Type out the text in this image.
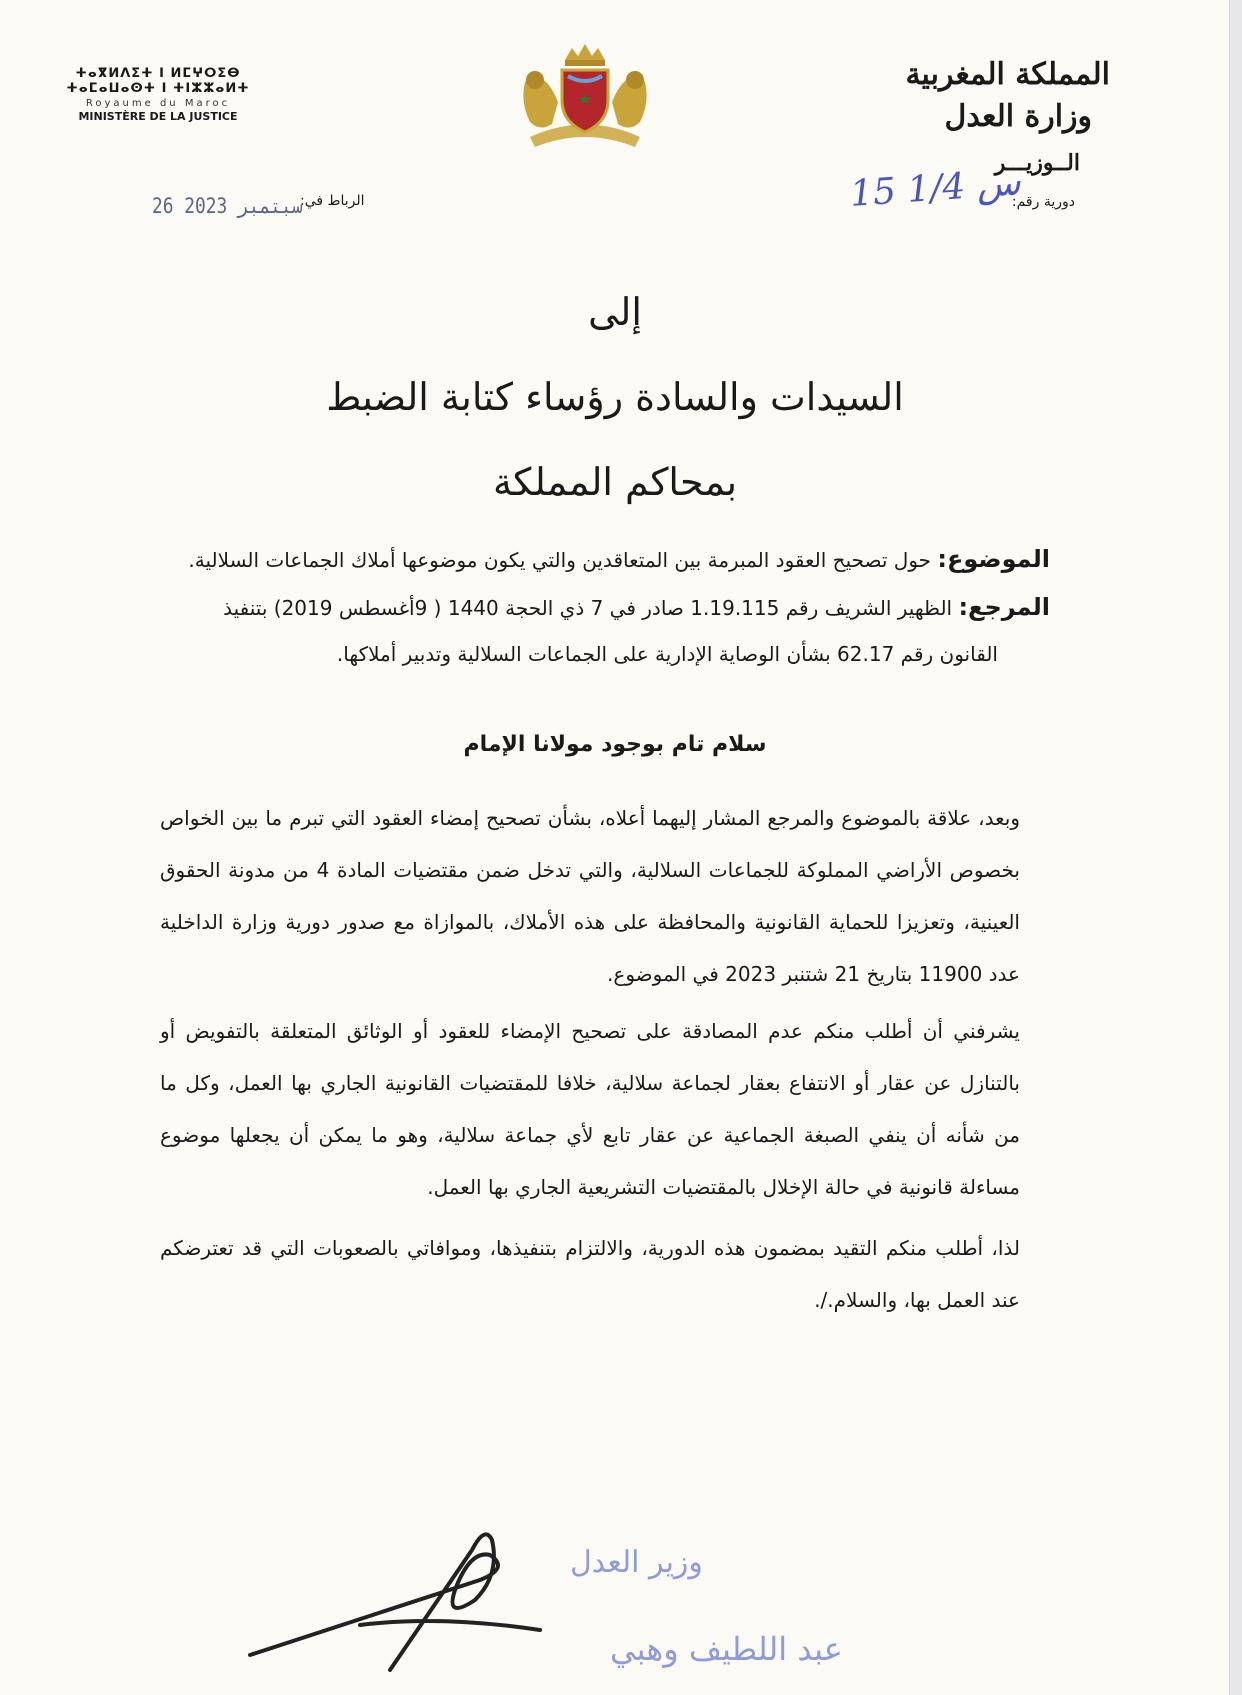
ⵜⴰⴳⵍⴷⵉⵜ ⵏ ⵍⵎⵖⵔⵉⴱ
ⵜⴰⵎⴰⵡⴰⵙⵜ ⵏ ⵜⵏⵣⵣⴰⵍⵜ
Royaume du Maroc
MINISTÈRE DE LA JUSTICE
المملكة المغربية
وزارة العدل
الــوزيـــر
دورية رقم:
15 س 1/4
الرباط في:
26 سبتمبر 2023
إلى
السيدات والسادة رؤساء كتابة الضبط
بمحاكم المملكة
الموضوع: حول تصحيح العقود المبرمة بين المتعاقدين والتي يكون موضوعها أملاك الجماعات السلالية.
المرجع: الظهير الشريف رقم 1.19.115 صادر في 7 ذي الحجة 1440 ( 9أغسطس 2019) بتنفيذ
القانون رقم 62.17 بشأن الوصاية الإدارية على الجماعات السلالية وتدبير أملاكها.
سلام تام بوجود مولانا الإمام
وبعد، علاقة بالموضوع والمرجع المشار إليهما أعلاه، بشأن تصحيح إمضاء العقود التي تبرم ما بين الخواص بخصوص الأراضي المملوكة للجماعات السلالية، والتي تدخل ضمن مقتضيات المادة 4 من مدونة الحقوق العينية، وتعزيزا للحماية القانونية والمحافظة على هذه الأملاك، بالموازاة مع صدور دورية وزارة الداخلية عدد 11900 بتاريخ 21 شتنبر 2023 في الموضوع.
يشرفني أن أطلب منكم عدم المصادقة على تصحيح الإمضاء للعقود أو الوثائق المتعلقة بالتفويض أو بالتنازل عن عقار أو الانتفاع بعقار لجماعة سلالية، خلافا للمقتضيات القانونية الجاري بها العمل، وكل ما من شأنه أن ينفي الصبغة الجماعية عن عقار تابع لأي جماعة سلالية، وهو ما يمكن أن يجعلها موضوع مساءلة قانونية في حالة الإخلال بالمقتضيات التشريعية الجاري بها العمل.
لذا، أطلب منكم التقيد بمضمون هذه الدورية، والالتزام بتنفيذها، وموافاتي بالصعوبات التي قد تعترضكم عند العمل بها، والسلام./.
وزير العدل
عبد اللطيف وهبي
